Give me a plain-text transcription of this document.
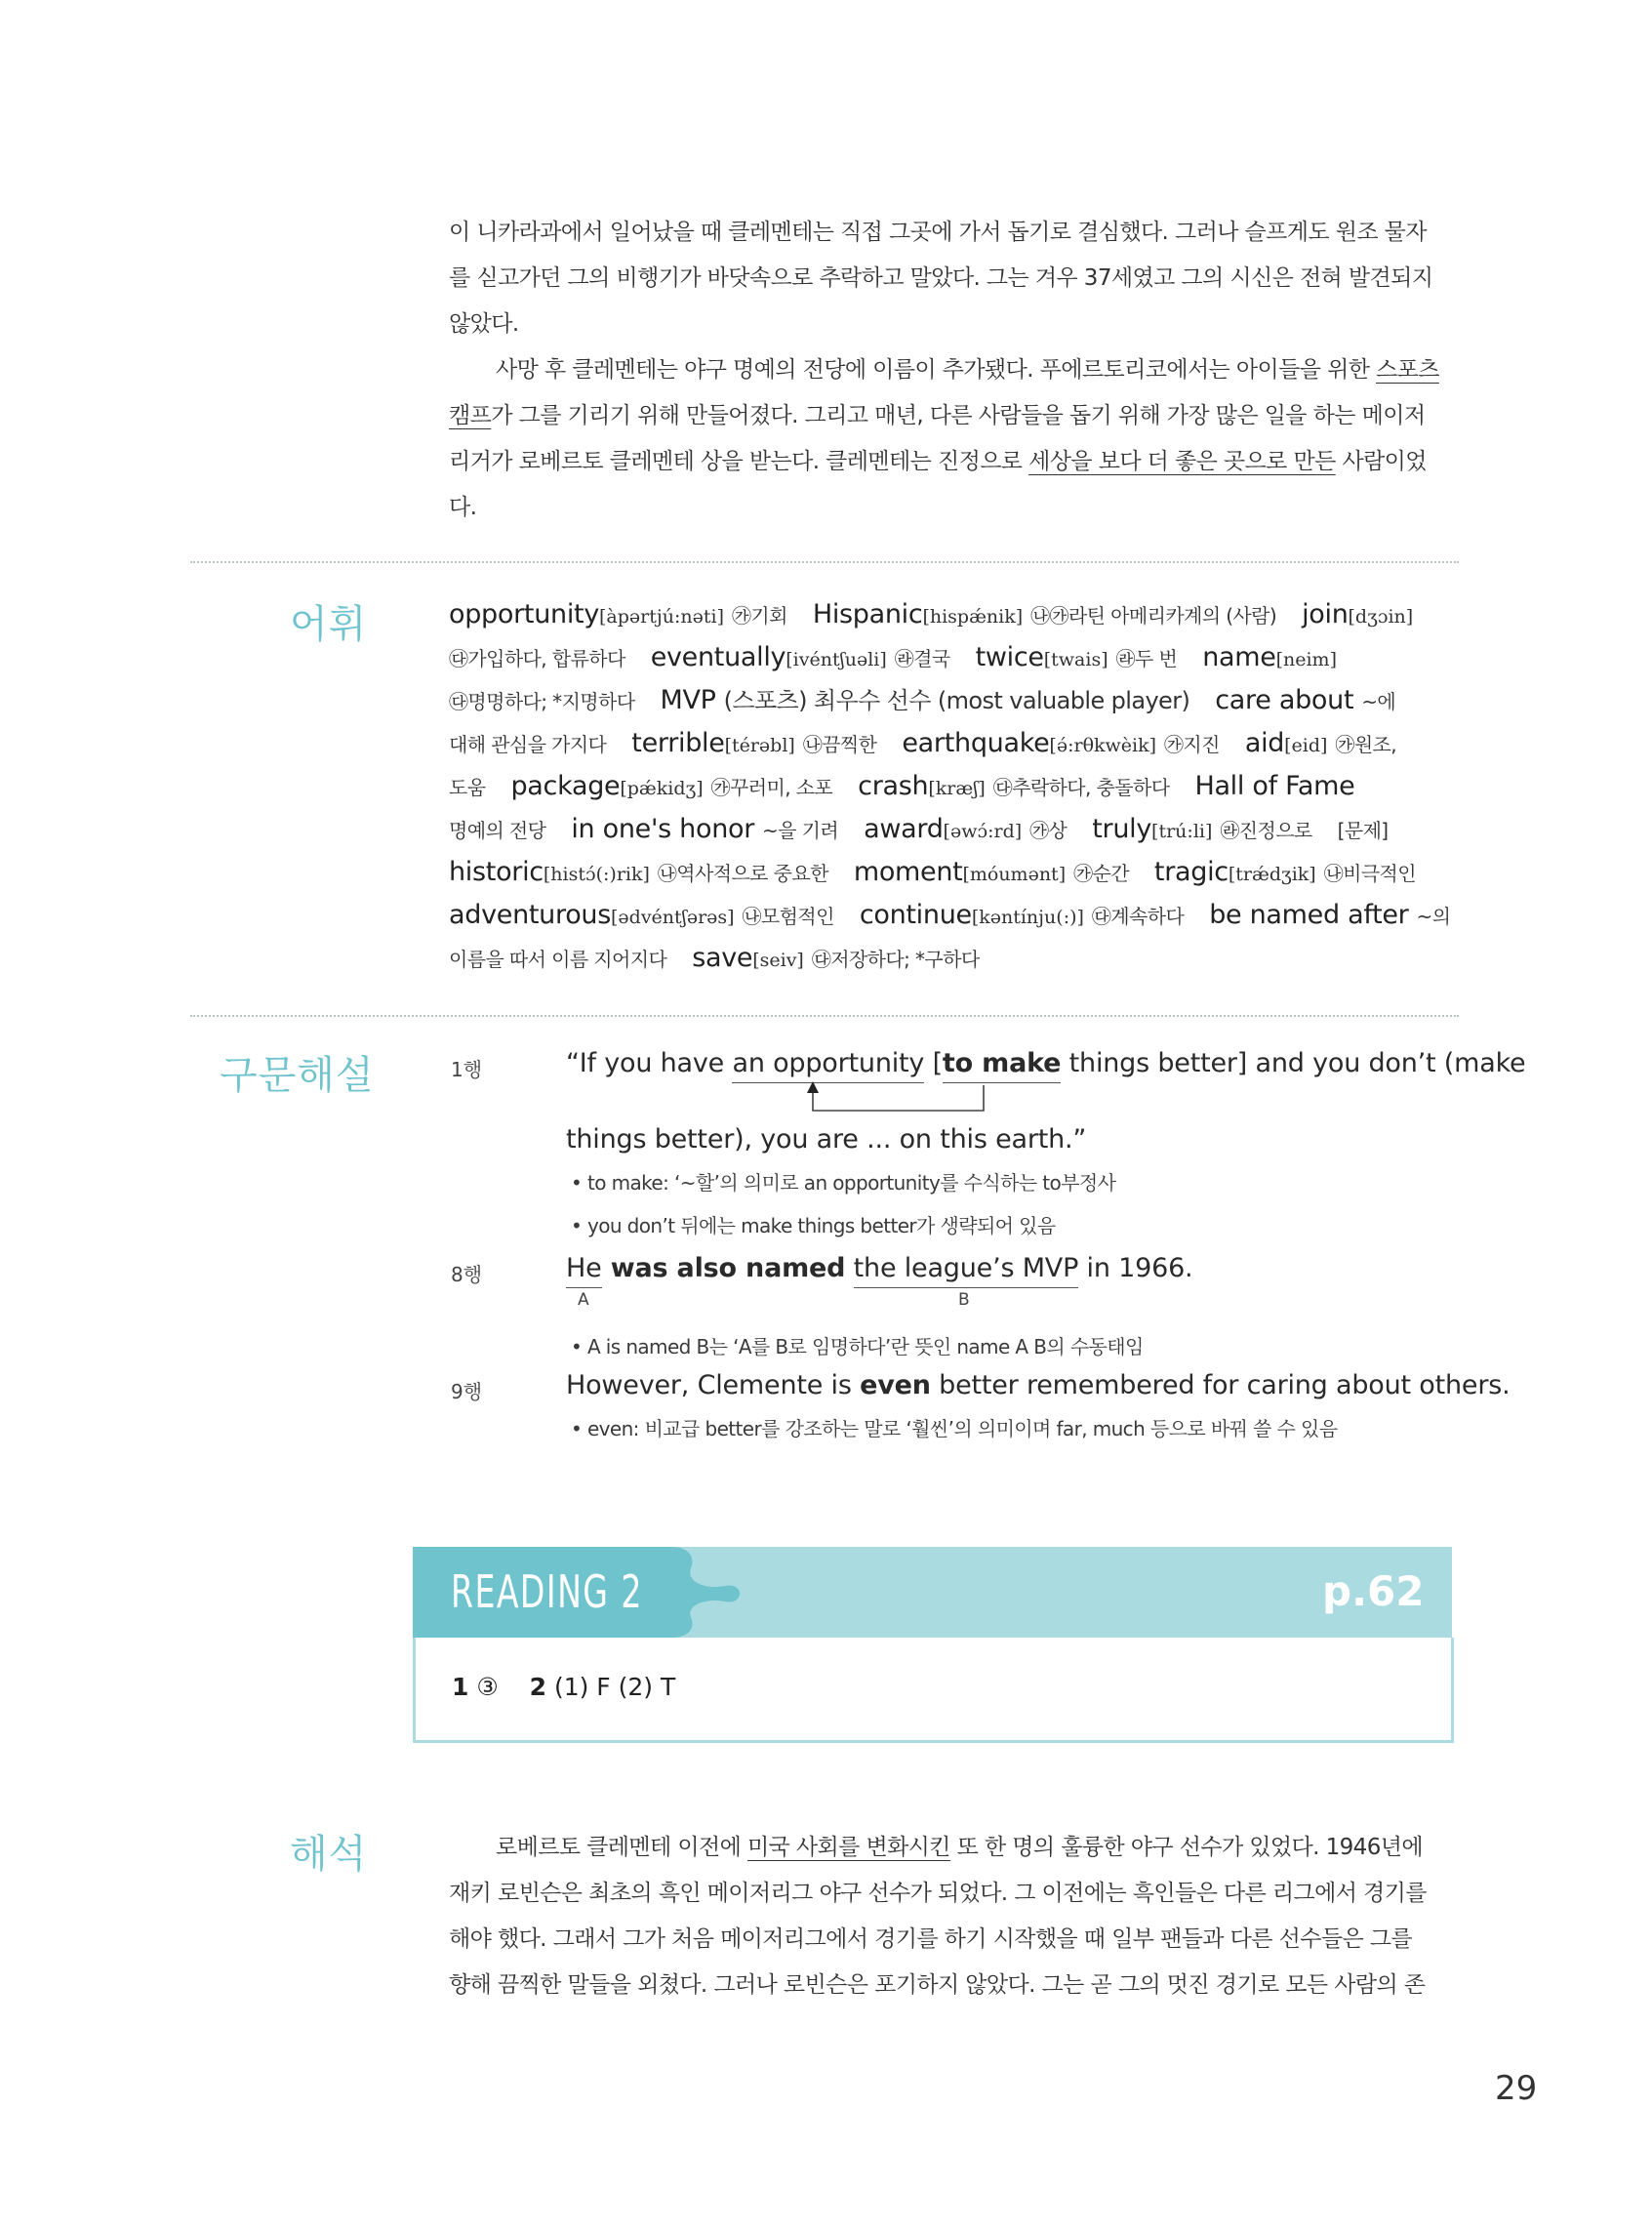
이 니카라과에서 일어났을 때 클레멘테는 직접 그곳에 가서 돕기로 결심했다. 그러나 슬프게도 원조 물자
를 싣고가던 그의 비행기가 바닷속으로 추락하고 말았다. 그는 겨우 37세였고 그의 시신은 전혀 발견되지
않았다.
사망 후 클레멘테는 야구 명예의 전당에 이름이 추가됐다. 푸에르토리코에서는 아이들을 위한 스포츠
캠프가 그를 기리기 위해 만들어졌다. 그리고 매년, 다른 사람들을 돕기 위해 가장 많은 일을 하는 메이저
리거가 로베르토 클레멘테 상을 받는다. 클레멘테는 진정으로 세상을 보다 더 좋은 곳으로 만든 사람이었
다.
어휘	opportunity[àpərtjú:nəti] ㉮기회 Hispanic[hispǽnik] ㉯㉮라틴 아메리카계의 (사람) join[dʒɔin]
㉰가입하다, 합류하다 eventually[ivéntʃuəli] ㉱결국 twice[twais] ㉱두 번 name[neim]
㉰명명하다; *지명하다 MVP (스포츠) 최우수 선수 (most valuable player) care about ~에
대해 관심을 가지다 terrible[térəbl] ㉯끔찍한 earthquake[ə́:rθkwèik] ㉮지진 aid[eid] ㉮원조,
도움 package[pǽkidʒ] ㉮꾸러미, 소포 crash[kræʃ] ㉰추락하다, 충돌하다 Hall of Fame
명예의 전당 in one's honor ~을 기려 award[əwɔ́:rd] ㉮상 truly[trú:li] ㉱진정으로 [문제]
historic[histɔ́(:)rik] ㉯역사적으로 중요한 moment[móumənt] ㉮순간 tragic[trǽdʒik] ㉯비극적인
adventurous[ədvéntʃərəs] ㉯모험적인 continue[kəntínju(:)] ㉰계속하다 be named after ~의
이름을 따서 이름 지어지다 save[seiv] ㉰저장하다; *구하다
구문해설	1행	“If you have an opportunity [to make things better] and you don’t (make
things better), you are ... on this earth.”
• to make: ‘~할’의 의미로 an opportunity를 수식하는 to부정사
• you don’t 뒤에는 make things better가 생략되어 있음
8행	He was also named the league’s MVP in 1966.
A	B
• A is named B는 ‘A를 B로 임명하다’란 뜻인 name A B의 수동태임
9행	However, Clemente is even better remembered for caring about others.
• even: 비교급 better를 강조하는 말로 ‘훨씬’의 의미이며 far, much 등으로 바꿔 쓸 수 있음
READING 2	p.62
1 ③ 2 (1) F (2) T
해석	로베르토 클레멘테 이전에 미국 사회를 변화시킨 또 한 명의 훌륭한 야구 선수가 있었다. 1946년에
재키 로빈슨은 최초의 흑인 메이저리그 야구 선수가 되었다. 그 이전에는 흑인들은 다른 리그에서 경기를
해야 했다. 그래서 그가 처음 메이저리그에서 경기를 하기 시작했을 때 일부 팬들과 다른 선수들은 그를
향해 끔찍한 말들을 외쳤다. 그러나 로빈슨은 포기하지 않았다. 그는 곧 그의 멋진 경기로 모든 사람의 존
29
